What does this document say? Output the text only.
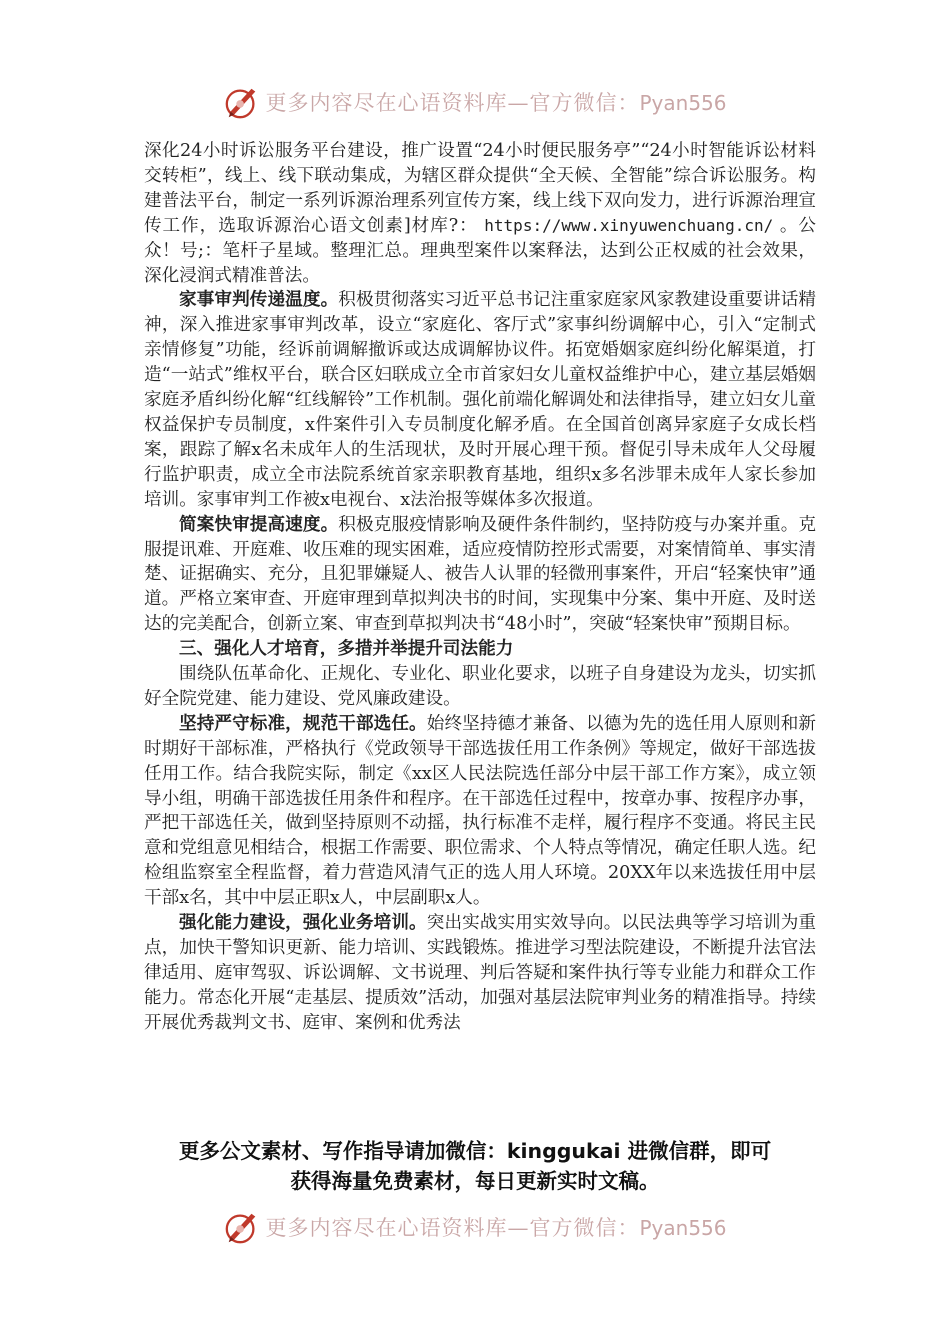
更多内容尽在心语资料库—官方微信：Pyan556

深化24小时诉讼服务平台建设，推广设置“24小时便民服务亭”“24小时智能诉讼材料交转柜”，线上、线下联动集成，为辖区群众提供“全天候、全智能”综合诉讼服务。构建普法平台，制定一系列诉源治理系列宣传方案，线上线下双向发力，进行诉源治理宣传工作，选取诉源治心语文创素]材库?： https://www.xinyuwenchuang.cn/ 。公众！号;：笔杆子星域。整理汇总。理典型案件以案释法，达到公正权威的社会效果，深化浸润式精准普法。

家事审判传递温度。积极贯彻落实习近平总书记注重家庭家风家教建设重要讲话精神，深入推进家事审判改革，设立“家庭化、客厅式”家事纠纷调解中心，引入“定制式亲情修复”功能，经诉前调解撤诉或达成调解协议件。拓宽婚姻家庭纠纷化解渠道，打造“一站式”维权平台，联合区妇联成立全市首家妇女儿童权益维护中心，建立基层婚姻家庭矛盾纠纷化解“红线解铃”工作机制。强化前端化解调处和法律指导，建立妇女儿童权益保护专员制度，x件案件引入专员制度化解矛盾。在全国首创离异家庭子女成长档案，跟踪了解x名未成年人的生活现状，及时开展心理干预。督促引导未成年人父母履行监护职责，成立全市法院系统首家亲职教育基地，组织x多名涉罪未成年人家长参加培训。家事审判工作被x电视台、x法治报等媒体多次报道。

简案快审提高速度。积极克服疫情影响及硬件条件制约，坚持防疫与办案并重。克服提讯难、开庭难、收压难的现实困难，适应疫情防控形式需要，对案情简单、事实清楚、证据确实、充分，且犯罪嫌疑人、被告人认罪的轻微刑事案件，开启“轻案快审”通道。严格立案审查、开庭审理到草拟判决书的时间，实现集中分案、集中开庭、及时送达的完美配合，创新立案、审查到草拟判决书“48小时”，突破“轻案快审”预期目标。

三、强化人才培育，多措并举提升司法能力

围绕队伍革命化、正规化、专业化、职业化要求，以班子自身建设为龙头，切实抓好全院党建、能力建设、党风廉政建设。

坚持严守标准，规范干部选任。始终坚持德才兼备、以德为先的选任用人原则和新时期好干部标准，严格执行《党政领导干部选拔任用工作条例》等规定，做好干部选拔任用工作。结合我院实际，制定《xx区人民法院选任部分中层干部工作方案》，成立领导小组，明确干部选拔任用条件和程序。在干部选任过程中，按章办事、按程序办事，严把干部选任关，做到坚持原则不动摇，执行标准不走样，履行程序不变通。将民主民意和党组意见相结合，根据工作需要、职位需求、个人特点等情况，确定任职人选。纪检组监察室全程监督，着力营造风清气正的选人用人环境。20XX年以来选拔任用中层干部x名，其中中层正职x人，中层副职x人。

强化能力建设，强化业务培训。突出实战实用实效导向。以民法典等学习培训为重点，加快干警知识更新、能力培训、实践锻炼。推进学习型法院建设，不断提升法官法律适用、庭审驾驭、诉讼调解、文书说理、判后答疑和案件执行等专业能力和群众工作能力。常态化开展“走基层、提质效”活动，加强对基层法院审判业务的精准指导。持续开展优秀裁判文书、庭审、案例和优秀法

更多公文素材、写作指导请加微信：kinggukai 进微信群，即可
获得海量免费素材，每日更新实时文稿。
更多内容尽在心语资料库—官方微信：Pyan556
